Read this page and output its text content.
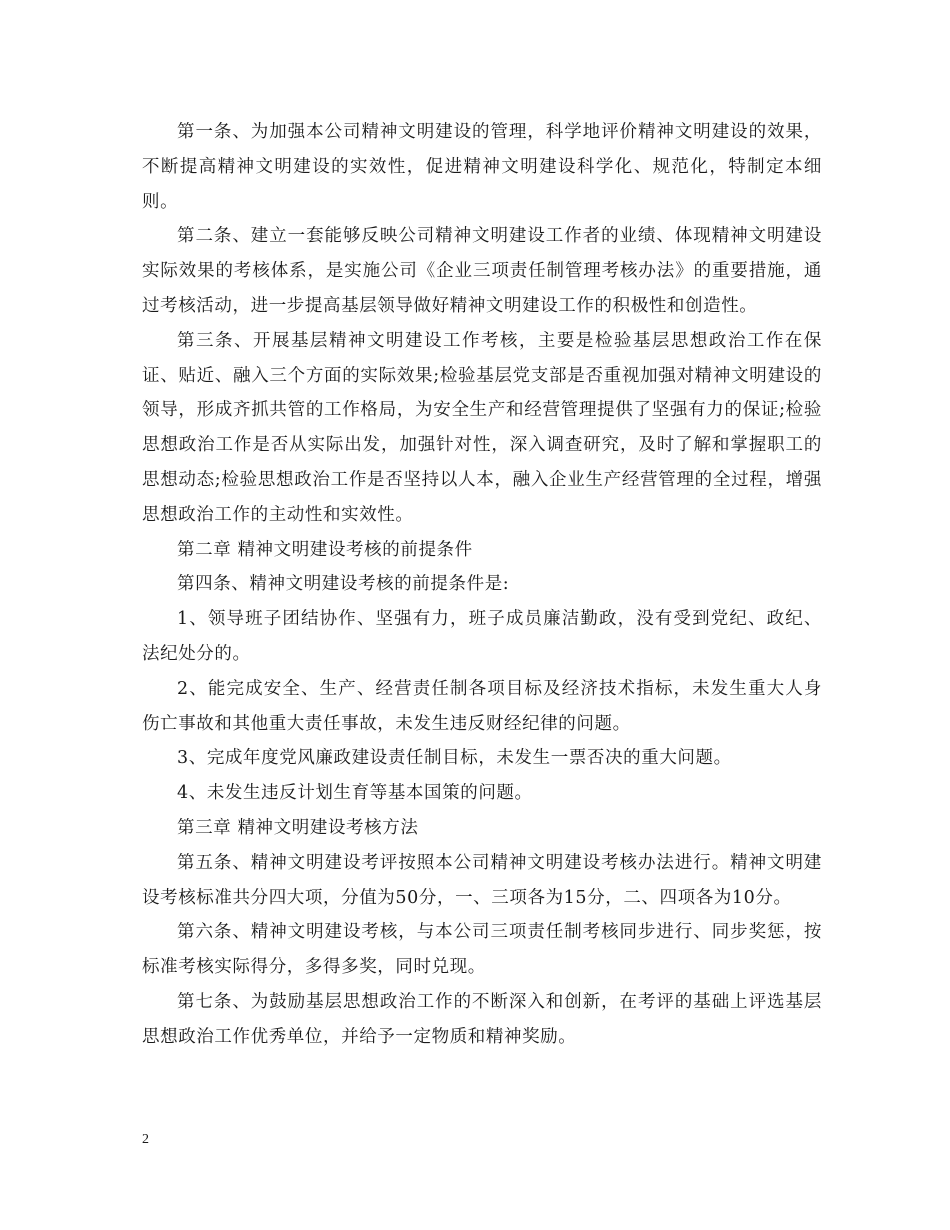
第一条、为加强本公司精神文明建设的管理，科学地评价精神文明建设的效果，不断提高精神文明建设的实效性，促进精神文明建设科学化、规范化，特制定本细则。

第二条、建立一套能够反映公司精神文明建设工作者的业绩、体现精神文明建设实际效果的考核体系，是实施公司《企业三项责任制管理考核办法》的重要措施，通过考核活动，进一步提高基层领导做好精神文明建设工作的积极性和创造性。

第三条、开展基层精神文明建设工作考核，主要是检验基层思想政治工作在保证、贴近、融入三个方面的实际效果;检验基层党支部是否重视加强对精神文明建设的领导，形成齐抓共管的工作格局，为安全生产和经营管理提供了坚强有力的保证;检验思想政治工作是否从实际出发，加强针对性，深入调查研究，及时了解和掌握职工的思想动态;检验思想政治工作是否坚持以人本，融入企业生产经营管理的全过程，增强思想政治工作的主动性和实效性。

第二章 精神文明建设考核的前提条件

第四条、精神文明建设考核的前提条件是:

1、领导班子团结协作、坚强有力，班子成员廉洁勤政，没有受到党纪、政纪、法纪处分的。

2、能完成安全、生产、经营责任制各项目标及经济技术指标，未发生重大人身伤亡事故和其他重大责任事故，未发生违反财经纪律的问题。

3、完成年度党风廉政建设责任制目标，未发生一票否决的重大问题。

4、未发生违反计划生育等基本国策的问题。

第三章 精神文明建设考核方法

第五条、精神文明建设考评按照本公司精神文明建设考核办法进行。精神文明建设考核标准共分四大项，分值为50分，一、三项各为15分，二、四项各为10分。

第六条、精神文明建设考核，与本公司三项责任制考核同步进行、同步奖惩，按标准考核实际得分，多得多奖，同时兑现。

第七条、为鼓励基层思想政治工作的不断深入和创新，在考评的基础上评选基层思想政治工作优秀单位，并给予一定物质和精神奖励。

2
